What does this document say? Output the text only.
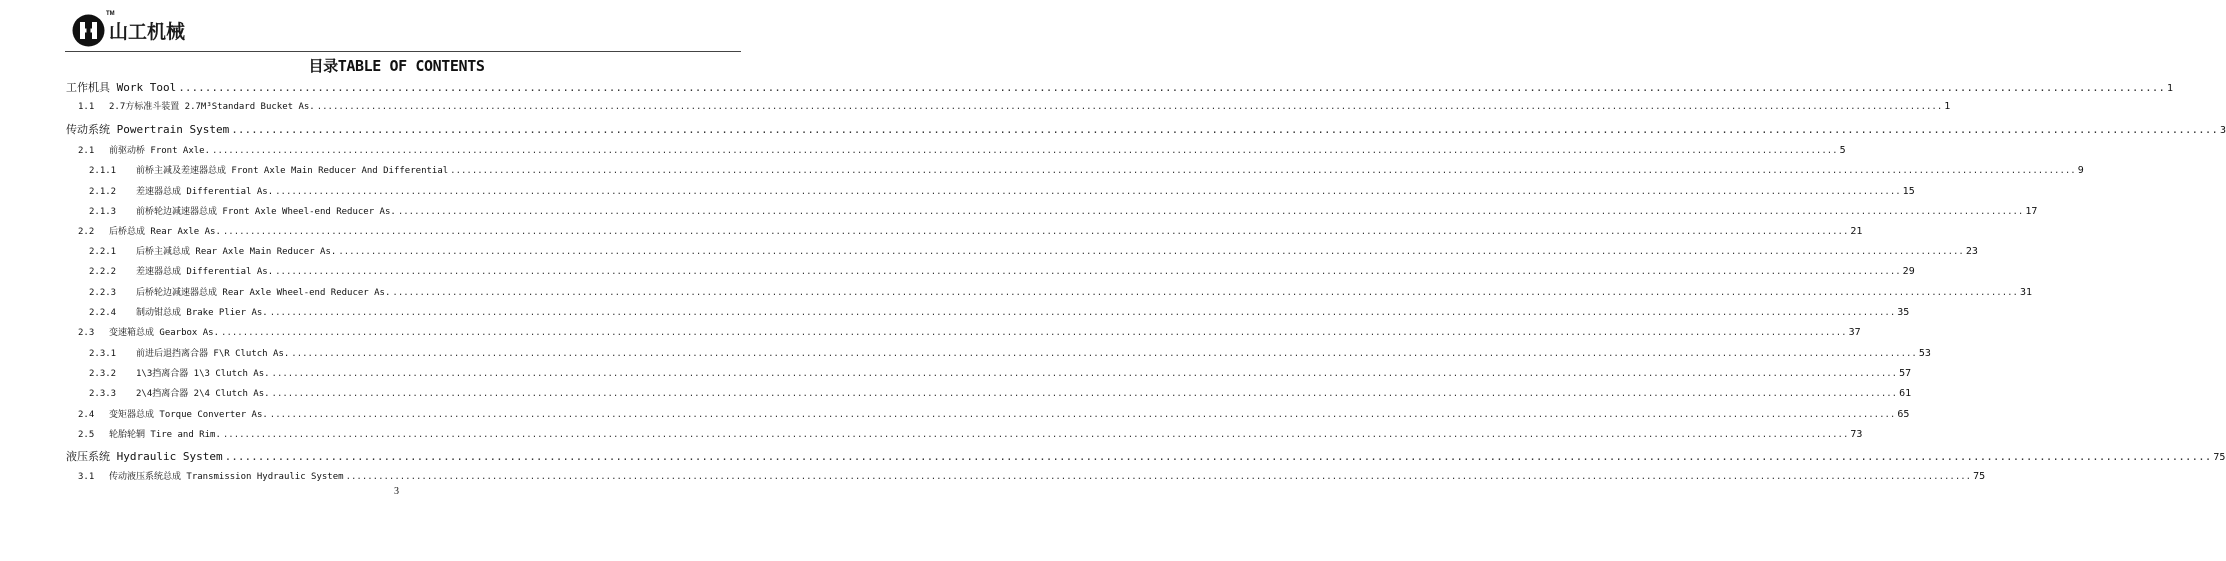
TM
山工机械
目录TABLE OF CONTENTS
工作机具 Work Tool ............................................................................................................................................................................................................................................................................................................ 1
1.1 2.7方标准斗装置 2.7M³Standard Bucket As. ............................................................................................................................................................................................................................................................................................................ 1
传动系统 Powertrain System ............................................................................................................................................................................................................................................................................................................ 3
2.1 前驱动桥 Front Axle. ............................................................................................................................................................................................................................................................................................................ 5
2.1.1 前桥主减及差速器总成 Front Axle Main Reducer And Differential ............................................................................................................................................................................................................................................................................................................ 9
2.1.2 差速器总成 Differential As. ............................................................................................................................................................................................................................................................................................................ 15
2.1.3 前桥轮边减速器总成 Front Axle Wheel-end Reducer As. ............................................................................................................................................................................................................................................................................................................ 17
2.2 后桥总成 Rear Axle As. ............................................................................................................................................................................................................................................................................................................ 21
2.2.1 后桥主减总成 Rear Axle Main Reducer As. ............................................................................................................................................................................................................................................................................................................ 23
2.2.2 差速器总成 Differential As. ............................................................................................................................................................................................................................................................................................................ 29
2.2.3 后桥轮边减速器总成 Rear Axle Wheel-end Reducer As. ............................................................................................................................................................................................................................................................................................................ 31
2.2.4 制动钳总成 Brake Plier As. ............................................................................................................................................................................................................................................................................................................ 35
2.3 变速箱总成 Gearbox As. ............................................................................................................................................................................................................................................................................................................ 37
2.3.1 前进后退挡离合器 F\R Clutch As. ............................................................................................................................................................................................................................................................................................................ 53
2.3.2 1\3挡离合器 1\3 Clutch As. ............................................................................................................................................................................................................................................................................................................ 57
2.3.3 2\4挡离合器 2\4 Clutch As. ............................................................................................................................................................................................................................................................................................................ 61
2.4 变矩器总成 Torque Converter As. ............................................................................................................................................................................................................................................................................................................ 65
2.5 轮胎轮辋 Tire and Rim. ............................................................................................................................................................................................................................................................................................................ 73
液压系统 Hydraulic System ............................................................................................................................................................................................................................................................................................................ 75
3.1 传动液压系统总成 Transmission Hydraulic System ............................................................................................................................................................................................................................................................................................................ 75
3
